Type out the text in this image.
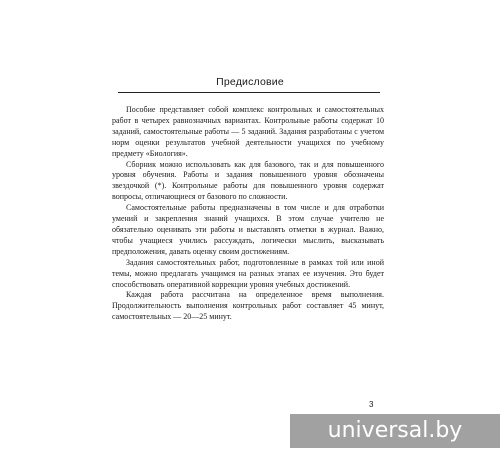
Предисловие

Пособие представляет собой комплекс контрольных и самостоятельных работ в четырех равнозначных вариантах. Контрольные работы содержат 10 заданий, самостоятельные работы — 5 заданий. Задания разработаны с учетом норм оценки результатов учебной деятельности учащихся по учебному предмету «Биология».

Сборник можно использовать как для базового, так и для повышенного уровня обучения. Работы и задания повышенного уровня обозначены звездочкой (*). Контрольные работы для повышенного уровня содержат вопросы, отличающиеся от базового по сложности.

Самостоятельные работы предназначены в том числе и для отработки умений и закрепления знаний учащихся. В этом случае учителю не обязательно оценивать эти работы и выставлять отметки в журнал. Важно, чтобы учащиеся учились рассуждать, логически мыслить, высказывать предположения, давать оценку своим достижениям.

Задания самостоятельных работ, подготовленные в рамках той или иной темы, можно предлагать учащимся на разных этапах ее изучения. Это будет способствовать оперативной коррекции уровня учебных достижений.

Каждая работа рассчитана на определенное время выполнения. Продолжительность выполнения контрольных работ составляет 45 минут, самостоятельных — 20—25 минут.

3
universal.by
